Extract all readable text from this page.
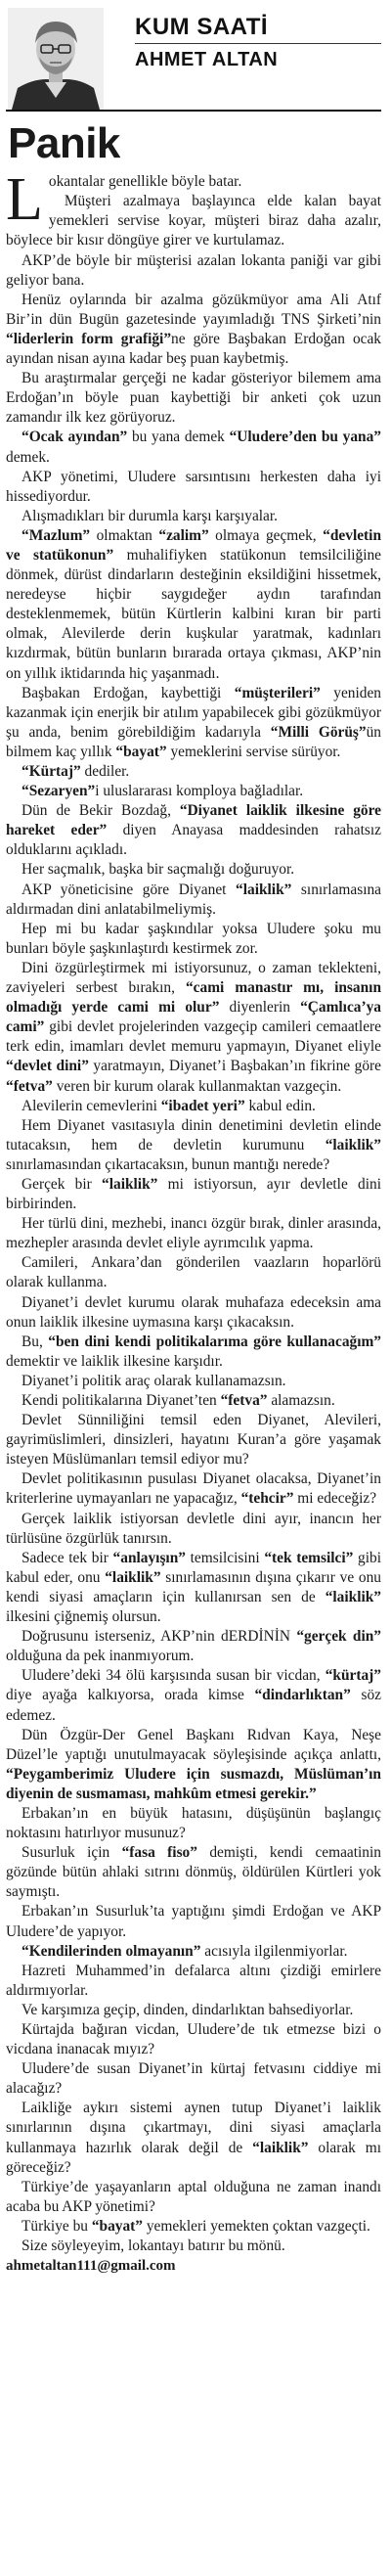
KUM SAATİ
AHMET ALTAN
Panik

Lokantalar genellikle böyle batar.

Müşteri azalmaya başlayınca elde kalan bayat yemekleri servise koyar, müşteri biraz daha azalır, böylece bir kısır döngüye girer ve kurtulamaz.

AKP’de böyle bir müşterisi azalan lokanta paniği var gibi geliyor bana.

Henüz oylarında bir azalma gözükmüyor ama Ali Atıf Bir’in dün Bugün gazetesinde yayımladığı TNS Şirketi’nin “liderlerin form grafiği”ne göre Başbakan Erdoğan ocak ayından nisan ayına kadar beş puan kaybetmiş.

Bu araştırmalar gerçeği ne kadar gösteriyor bilemem ama Erdoğan’ın böyle puan kaybettiği bir anketi çok uzun zamandır ilk kez görüyoruz.

“Ocak ayından” bu yana demek “Uludere’den bu yana” demek.

AKP yönetimi, Uludere sarsıntısını herkesten daha iyi hissediyordur.

Alışmadıkları bir durumla karşı karşıyalar.

“Mazlum” olmaktan “zalim” olmaya geçmek, “devletin ve statükonun” muhalifiyken statükonun temsilciliğine dönmek, dürüst dindarların desteğinin eksildiğini hissetmek, neredeyse hiçbir saygıdeğer aydın tarafından desteklenmemek, bütün Kürtlerin kalbini kıran bir parti olmak, Alevilerde derin kuşkular yaratmak, kadınları kızdırmak, bütün bunların bırarada ortaya çıkması, AKP’nin on yıllık iktidarında hiç yaşanmadı.

Başbakan Erdoğan, kaybettiği “müşterileri” yeniden kazanmak için enerjik bir atılım yapabilecek gibi gözükmüyor şu anda, benim görebildiğim kadarıyla “Milli Görüş”ün bilmem kaç yıllık “bayat” yemeklerini servise sürüyor.

“Kürtaj” dediler.

“Sezaryen”i uluslararası komploya bağladılar.

Dün de Bekir Bozdağ, “Diyanet laiklik ilkesine göre hareket eder” diyen Anayasa maddesinden rahatsız olduklarını açıkladı.

Her saçmalık, başka bir saçmalığı doğuruyor.

AKP yöneticisine göre Diyanet “laiklik” sınırlamasına aldırmadan dini anlatabilmeliymiş.

Hep mi bu kadar şaşkındılar yoksa Uludere şoku mu bunları böyle şaşkınlaştırdı kestirmek zor.

Dini özgürleştirmek mi istiyorsunuz, o zaman teklekteni, zaviyeleri serbest bırakın, “cami manastır mı, insanın olmadığı yerde cami mi olur” diyenlerin “Çamlıca’ya cami” gibi devlet projelerinden vazgeçip camileri cemaatlere terk edin, imamları devlet memuru yapmayın, Diyanet eliyle “devlet dini” yaratmayın, Diyanet’i Başbakan’ın fikrine göre “fetva” veren bir kurum olarak kullanmaktan vazgeçin.

Alevilerin cemevlerini “ibadet yeri” kabul edin.

Hem Diyanet vasıtasıyla dinin denetimini devletin elinde tutacaksın, hem de devletin kurumunu “laiklik” sınırlamasından çıkartacaksın, bunun mantığı nerede?

Gerçek bir “laiklik” mi istiyorsun, ayır devletle dini birbirinden.

Her türlü dini, mezhebi, inancı özgür bırak, dinler arasında, mezhepler arasında devlet eliyle ayrımcılık yapma.

Camileri, Ankara’dan gönderilen vaazların hoparlörü olarak kullanma.

Diyanet’i devlet kurumu olarak muhafaza edeceksin ama onun laiklik ilkesine uymasına karşı çıkacaksın.

Bu, “ben dini kendi politikalarıma göre kullanacağım” demektir ve laiklik ilkesine karşıdır.

Diyanet’i politik araç olarak kullanamazsın.

Kendi politikalarına Diyanet’ten “fetva” alamazsın.

Devlet Sünniliğini temsil eden Diyanet, Alevileri, gayrimüslimleri, dinsizleri, hayatını Kuran’a göre yaşamak isteyen Müslümanları temsil ediyor mu?

Devlet politikasının pusulası Diyanet olacaksa, Diyanet’in kriterlerine uymayanları ne yapacağız, “tehcir” mi edeceğiz?

Gerçek laiklik istiyorsan devletle dini ayır, inancın her türlüsüne özgürlük tanırsın.

Sadece tek bir “anlayışın” temsilcisini “tek temsilci” gibi kabul eder, onu “laiklik” sınırlamasının dışına çıkarır ve onu kendi siyasi amaçların için kullanırsan sen de “laiklik” ilkesini çiğnemiş olursun.

Doğrusunu isterseniz, AKP’nin dERDİNİN “gerçek din” olduğuna da pek inanmıyorum.

Uludere’deki 34 ölü karşısında susan bir vicdan, “kürtaj” diye ayağa kalkıyorsa, orada kimse “dindarlıktan” söz edemez.

Dün Özgür-Der Genel Başkanı Rıdvan Kaya, Neşe Düzel’le yaptığı unutulmayacak söyleşisinde açıkça anlattı, “Peygamberimiz Uludere için susmazdı, Müslüman’ın diyenin de susmaması, mahkûm etmesi gerekir.”

Erbakan’ın en büyük hatasını, düşüşünün başlangıç noktasını hatırlıyor musunuz?

Susurluk için “fasa fiso” demişti, kendi cemaatinin gözünde bütün ahlaki sıtrını dönmüş, öldürülen Kürtleri yok saymıştı.

Erbakan’ın Susurluk’ta yaptığını şimdi Erdoğan ve AKP Uludere’de yapıyor.

“Kendilerinden olmayanın” acısıyla ilgilenmiyorlar.

Hazreti Muhammed’in defalarca altını çizdiği emirlere aldırmıyorlar.

Ve karşımıza geçip, dinden, dindarlıktan bahsediyorlar.

Kürtajda bağıran vicdan, Uludere’de tık etmezse bizi o vicdana inanacak mıyız?

Uludere’de susan Diyanet’in kürtaj fetvasını ciddiye mi alacağız?

Laikliğe aykırı sistemi aynen tutup Diyanet’i laiklik sınırlarının dışına çıkartmayı, dini siyasi amaçlarla kullanmaya hazırlık olarak değil de “laiklik” olarak mı göreceğiz?

Türkiye’de yaşayanların aptal olduğuna ne zaman inandı acaba bu AKP yönetimi?

Türkiye bu “bayat” yemekleri yemekten çoktan vazgeçti.

Size söyleyeyim, lokantayı batırır bu mönü.

ahmetaltan111@gmail.com
